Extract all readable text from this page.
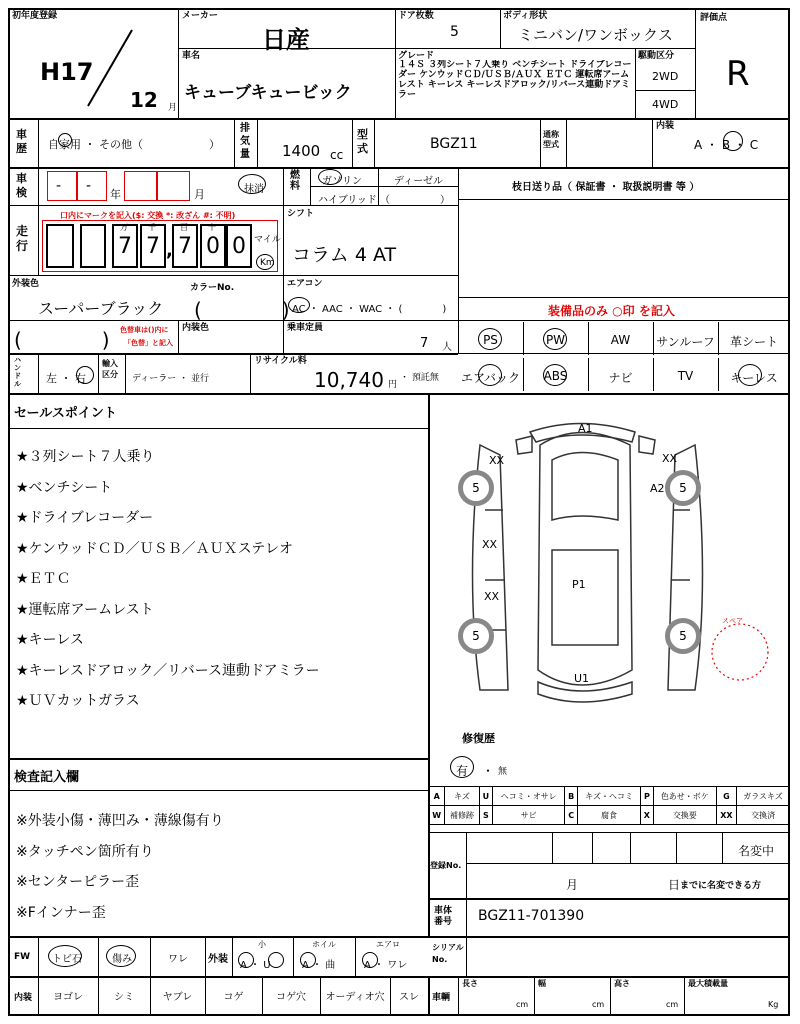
初年度登録
H17
12 月
メーカー
日産
ドア枚数
5
ボディ形状
ミニバン/ワンボックス
評価点
R
車名
キューブキュービック
グレード
１４Ｓ ３列シート７人乗り ベンチシート ドライブレコーダー ケンウッドＣＤ/ＵＳＢ/ＡＵＸ ＥＴＣ 運転席アームレスト キーレス キーレスドアロック/リバース連動ドアミラー
駆動区分
2WD
4WD
車歴 自家用 ・ その他（　　　　　　）
排気量 1400 cc
型式	BGZ11
通称型式
内装
A ・ B ・ C
車検 - -
年	月	抹消
燃料	ガソリン	ディーゼル
ハイブリッド （　　　　　）
枝日送り品（ 保証書 ・ 取扱説明書 等 ）
走行
口内にマークを記入($: 交換 *: 改ざん #: 不明)
7 7 7 0 0
万	千	百	十
,	マイル
Km
シフト
コラム 4 AT
外装色
スーパーブラック
カラーNo.
(　　　　)
(　　　　) 色替車は()内に
「色替」と記入
内装色
エアコン
AC ・ AAC ・ WAC ・ (　　　　)
乗車定員
7 人
装備品のみ ○印 を記入
PS	PW	AW	サンルーフ	革シート
エアバック	ABS	ナビ	TV	キーレス
ハンドル	左 ・ 右
輸入区分	ディーラー ・ 並行
リサイクル料
10,740 円
・ 預託無
セールスポイント
★３列シート７人乗り
★ベンチシート
★ドライブレコーダー
★ケンウッドＣＤ／ＵＳＢ／ＡＵＸステレオ
★ＥＴＣ
★運転席アームレスト
★キーレス
★キーレスドアロック／リバース連動ドアミラー
★ＵＶカットガラス
検査記入欄
※外装小傷・薄凹み・薄線傷有り
※タッチペン箇所有り
※センターピラー歪
※Fインナー歪
A1
A2
P1
U1
XX	XX
XX
XX
5	5
5	5
スペア
修復歴
有 ・ 無
A	キズ	U	ヘコミ・オサレ	B	キズ・ヘコミ	P	色あせ・ボケ	G	ガラスキズ
W	補修跡	S	サビ	C	腐食	X	交換要	XX	交換済
登録No.
名変中
月	日 までに名変できる方
車体番号	BGZ11-701390
FW トビ石	傷み	ワレ 外装
小
A ・ U
ホイル
A ・ 曲
エアロ
A ・ ワレ
シリアルNo.
内装	ヨゴレ	シミ	ヤブレ	コゲ	コゲ穴	オーディオ穴	スレ	車輌
長さ
cm
幅
cm
高さ
cm
最大積載量
Kg
